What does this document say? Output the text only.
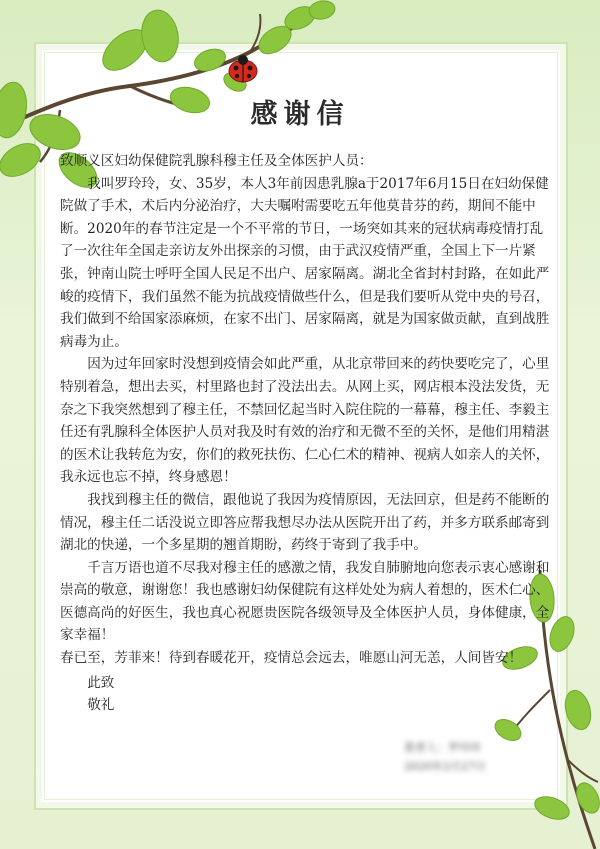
感谢信

致顺义区妇幼保健院乳腺科穆主任及全体医护人员：

我叫罗玲玲，女、35岁，本人3年前因患乳腺a于2017年6月15日在妇幼保健院做了手术，术后内分泌治疗，大夫嘱咐需要吃五年他莫昔芬的药，期间不能中断。2020年的春节注定是一个不平常的节日，一场突如其来的冠状病毒疫情打乱了一次往年全国走亲访友外出探亲的习惯，由于武汉疫情严重，全国上下一片紧张，钟南山院士呼吁全国人民足不出户、居家隔离。湖北全省封村封路，在如此严峻的疫情下，我们虽然不能为抗战疫情做些什么，但是我们要听从党中央的号召，我们做到不给国家添麻烦，在家不出门、居家隔离，就是为国家做贡献，直到战胜病毒为止。

因为过年回家时没想到疫情会如此严重，从北京带回来的药快要吃完了，心里特别着急，想出去买，村里路也封了没法出去。从网上买，网店根本没法发货，无奈之下我突然想到了穆主任，不禁回忆起当时入院住院的一幕幕，穆主任、李毅主任还有乳腺科全体医护人员对我及时有效的治疗和无微不至的关怀，是他们用精湛的医术让我转危为安，你们的救死扶伤、仁心仁术的精神、视病人如亲人的关怀，我永远也忘不掉，终身感恩！

我找到穆主任的微信，跟他说了我因为疫情原因，无法回京，但是药不能断的情况，穆主任二话没说立即答应帮我想尽办法从医院开出了药，并多方联系邮寄到湖北的快递，一个多星期的翘首期盼，药终于寄到了我手中。

千言万语也道不尽我对穆主任的感激之情，我发自肺腑地向您表示衷心感谢和崇高的敬意，谢谢您！我也感谢妇幼保健院有这样处处为病人着想的，医术仁心、医德高尚的好医生，我也真心祝愿贵医院各级领导及全体医护人员，身体健康，全家幸福！

春已至，芳菲来！待到春暖花开，疫情总会远去，唯愿山河无恙，人间皆安！

此致

敬礼

患者人：罗玲玲

2020年2月27日
